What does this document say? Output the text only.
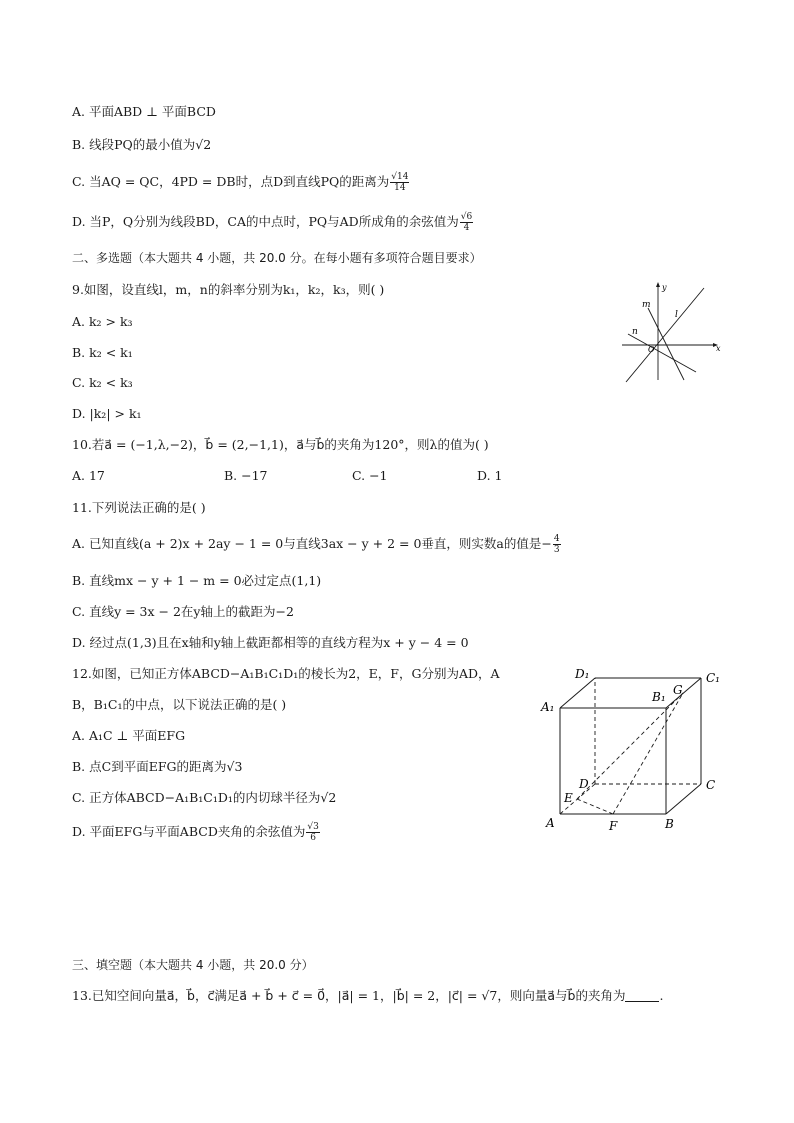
A. 平面ABD ⊥ 平面BCD
B. 线段PQ的最小值为√2
C. 当AQ = QC，4PD = DB时，点D到直线PQ的距离为 $\frac{√14}{14}$
D. 当P，Q分别为线段BD，CA的中点时，PQ与AD所成角的余弦值为 $\frac{√6}{4}$
二、多选题（本大题共 4 小题，共 20.0 分。在每小题有多项符合题目要求）
9.如图，设直线l，m，n的斜率分别为k₁，k₂，k₃，则( )
A. k₂ > k₃
B. k₂ < k₁
C. k₂ < k₃
D. |k₂| > k₁
x
y
O
l
m
n
10.若a⃗ = (−1,λ,−2)，b⃗ = (2,−1,1)，a⃗与b⃗的夹角为120°，则λ的值为( )
A. 17	B. −17	C. −1	D. 1
11.下列说法正确的是( )
A. 已知直线(a + 2)x + 2ay − 1 = 0与直线3ax − y + 2 = 0垂直，则实数a的值是− $\frac{4}{3}$
B. 直线mx − y + 1 − m = 0必过定点(1,1)
C. 直线y = 3x − 2在y轴上的截距为−2
D. 经过点(1,3)且在x轴和y轴上截距都相等的直线方程为x + y − 4 = 0
12.如图，已知正方体ABCD−A₁B₁C₁D₁的棱长为2，E，F，G分别为AD，A
B，B₁C₁的中点，以下说法正确的是( )
A. A₁C ⊥ 平面EFG
B. 点C到平面EFG的距离为√3
C. 正方体ABCD−A₁B₁C₁D₁的内切球半径为√2
D. 平面EFG与平面ABCD夹角的余弦值为 $\frac{√3}{6}$	A	B
C
D
A₁
B₁
C₁
D₁
E
F
G
三、填空题（本大题共 4 小题，共 20.0 分）
13.已知空间向量a⃗，b⃗，c⃗满足a⃗ + b⃗ + c⃗ = 0⃗，|a⃗| = 1，|b⃗| = 2，|c⃗| = √7，则向量a⃗与b⃗的夹角为	.
